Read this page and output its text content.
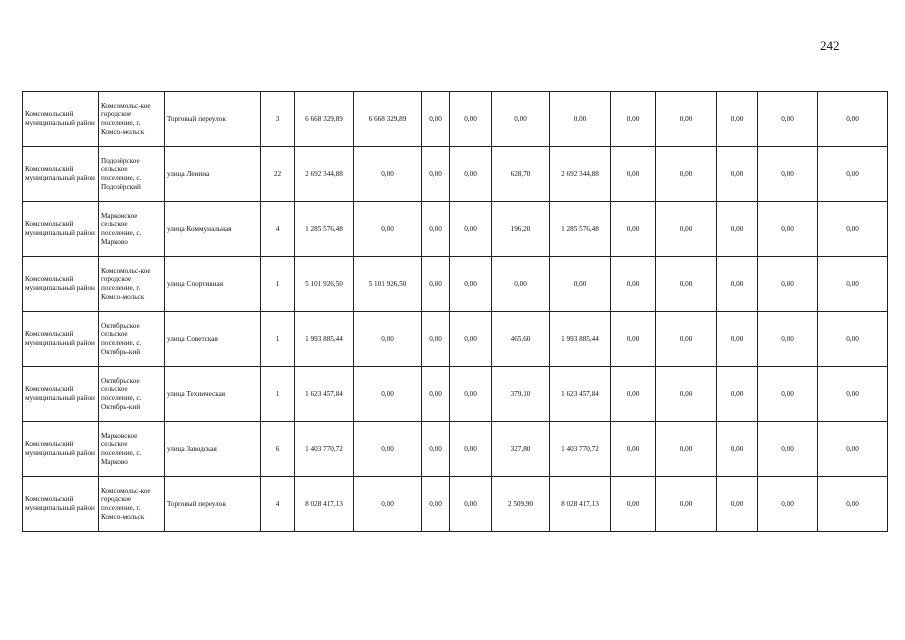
242
Комсомольский муниципальный район	Комсомольс-кое городское поселение, г. Комсо-мольск	Торговый переулок	3	6 668 329,89	6 668 329,89	0,00	0,00	0,00	0,00	0,00	0,00	0,00	0,00	0,00
Комсомольский муниципальный район	Подозёрское сельское поселение, с. Подозёрский	улица Ленина	22	2 692 344,88	0,00	0,00	0,00	628,70	2 692 344,88	0,00	0,00	0,00	0,00	0,00
Комсомольский муниципальный район	Марковское сельское поселение, с. Марково	улица Коммунальная	4	1 285 576,48	0,00	0,00	0,00	196,20	1 285 576,48	0,00	0,00	0,00	0,00	0,00
Комсомольский муниципальный район	Комсомольс-кое городское поселение, г. Комсо-мольск	улица Спортивная	1	5 101 926,50	5 101 926,50	0,00	0,00	0,00	0,00	0,00	0,00	0,00	0,00	0,00
Комсомольский муниципальный район	Октябрьское сельское поселение, с. Октябрь-кий	улица Советская	1	1 993 885,44	0,00	0,00	0,00	465,60	1 993 885,44	0,00	0,00	0,00	0,00	0,00
Комсомольский муниципальный район	Октябрьское сельское поселение, с. Октябрь-кий	улица Техническая	1	1 623 457,84	0,00	0,00	0,00	379,10	1 623 457,84	0,00	0,00	0,00	0,00	0,00
Комсомольский муниципальный район	Марковское сельское поселение, с. Марково	улица Заводская	6	1 403 770,72	0,00	0,00	0,00	327,80	1 403 770,72	0,00	0,00	0,00	0,00	0,00
Комсомольский муниципальный район	Комсомольс-кое городское поселение, г. Комсо-мольск	Торговый переулок	4	8 028 417,13	0,00	0,00	0,00	2 509,90	8 028 417,13	0,00	0,00	0,00	0,00	0,00
